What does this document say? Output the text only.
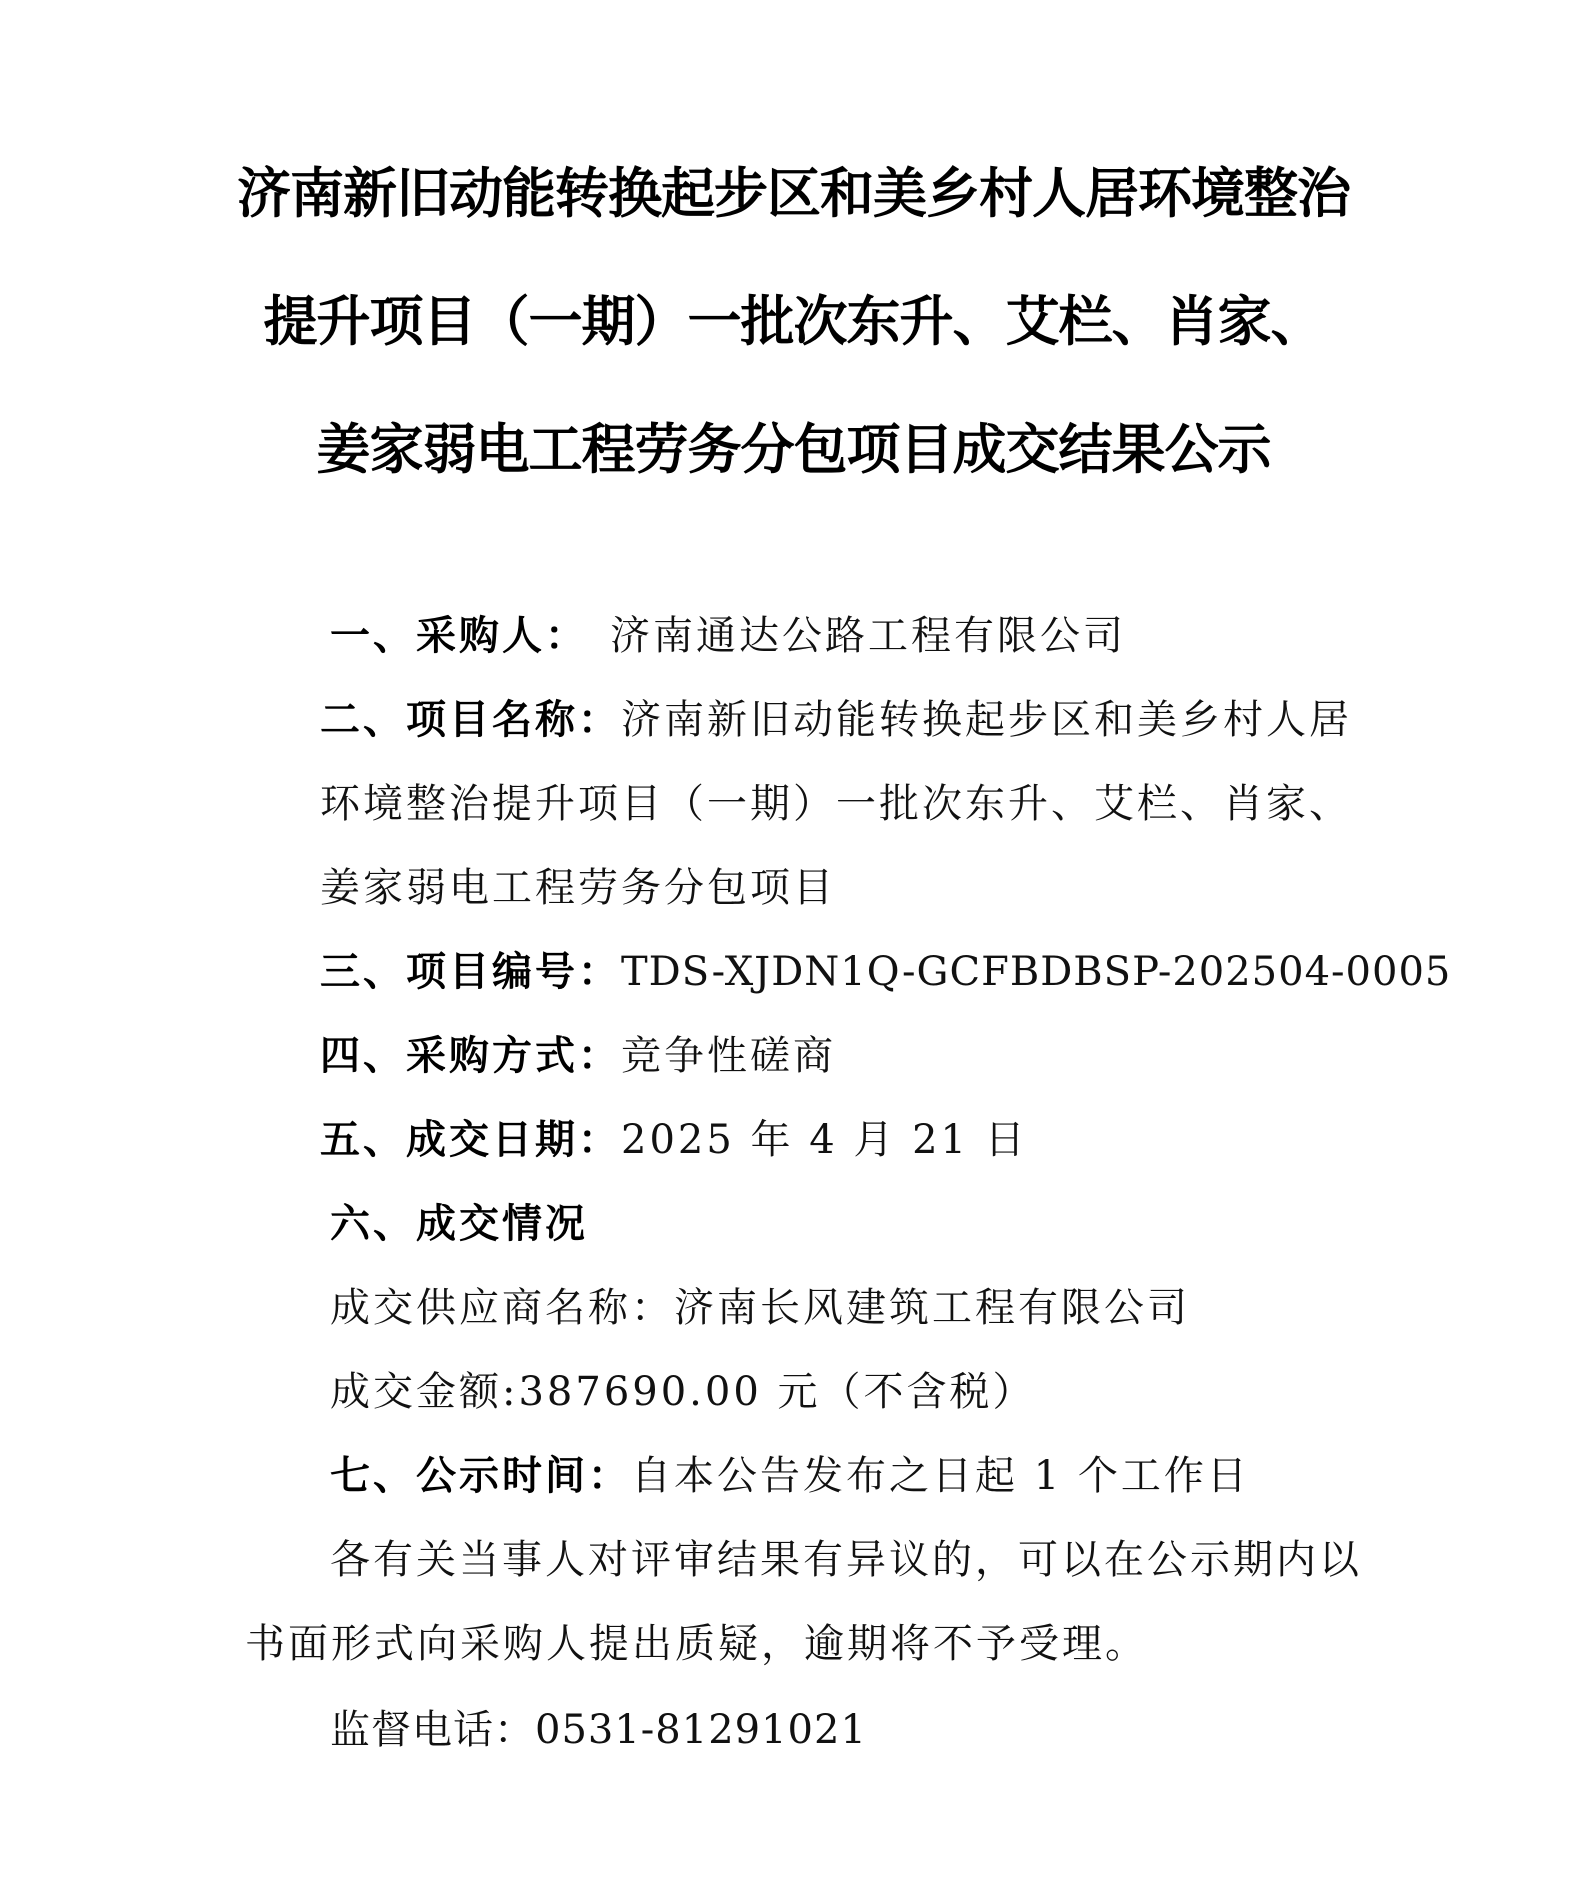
济南新旧动能转换起步区和美乡村人居环境整治
提升项目（一期）一批次东升、艾栏、肖家、
姜家弱电工程劳务分包项目成交结果公示
一、采购人： 济南通达公路工程有限公司
二、项目名称：济南新旧动能转换起步区和美乡村人居
环境整治提升项目（一期）一批次东升、艾栏、肖家、
姜家弱电工程劳务分包项目
三、项目编号：TDS-XJDN1Q-GCFBDBSP-202504-0005
四、采购方式：竞争性磋商
五、成交日期：2025 年 4 月 21 日
六、成交情况
成交供应商名称：济南长风建筑工程有限公司
成交金额:387690.00 元（不含税）
七、公示时间：自本公告发布之日起 1 个工作日
各有关当事人对评审结果有异议的，可以在公示期内以
书面形式向采购人提出质疑，逾期将不予受理。
监督电话：0531-81291021
